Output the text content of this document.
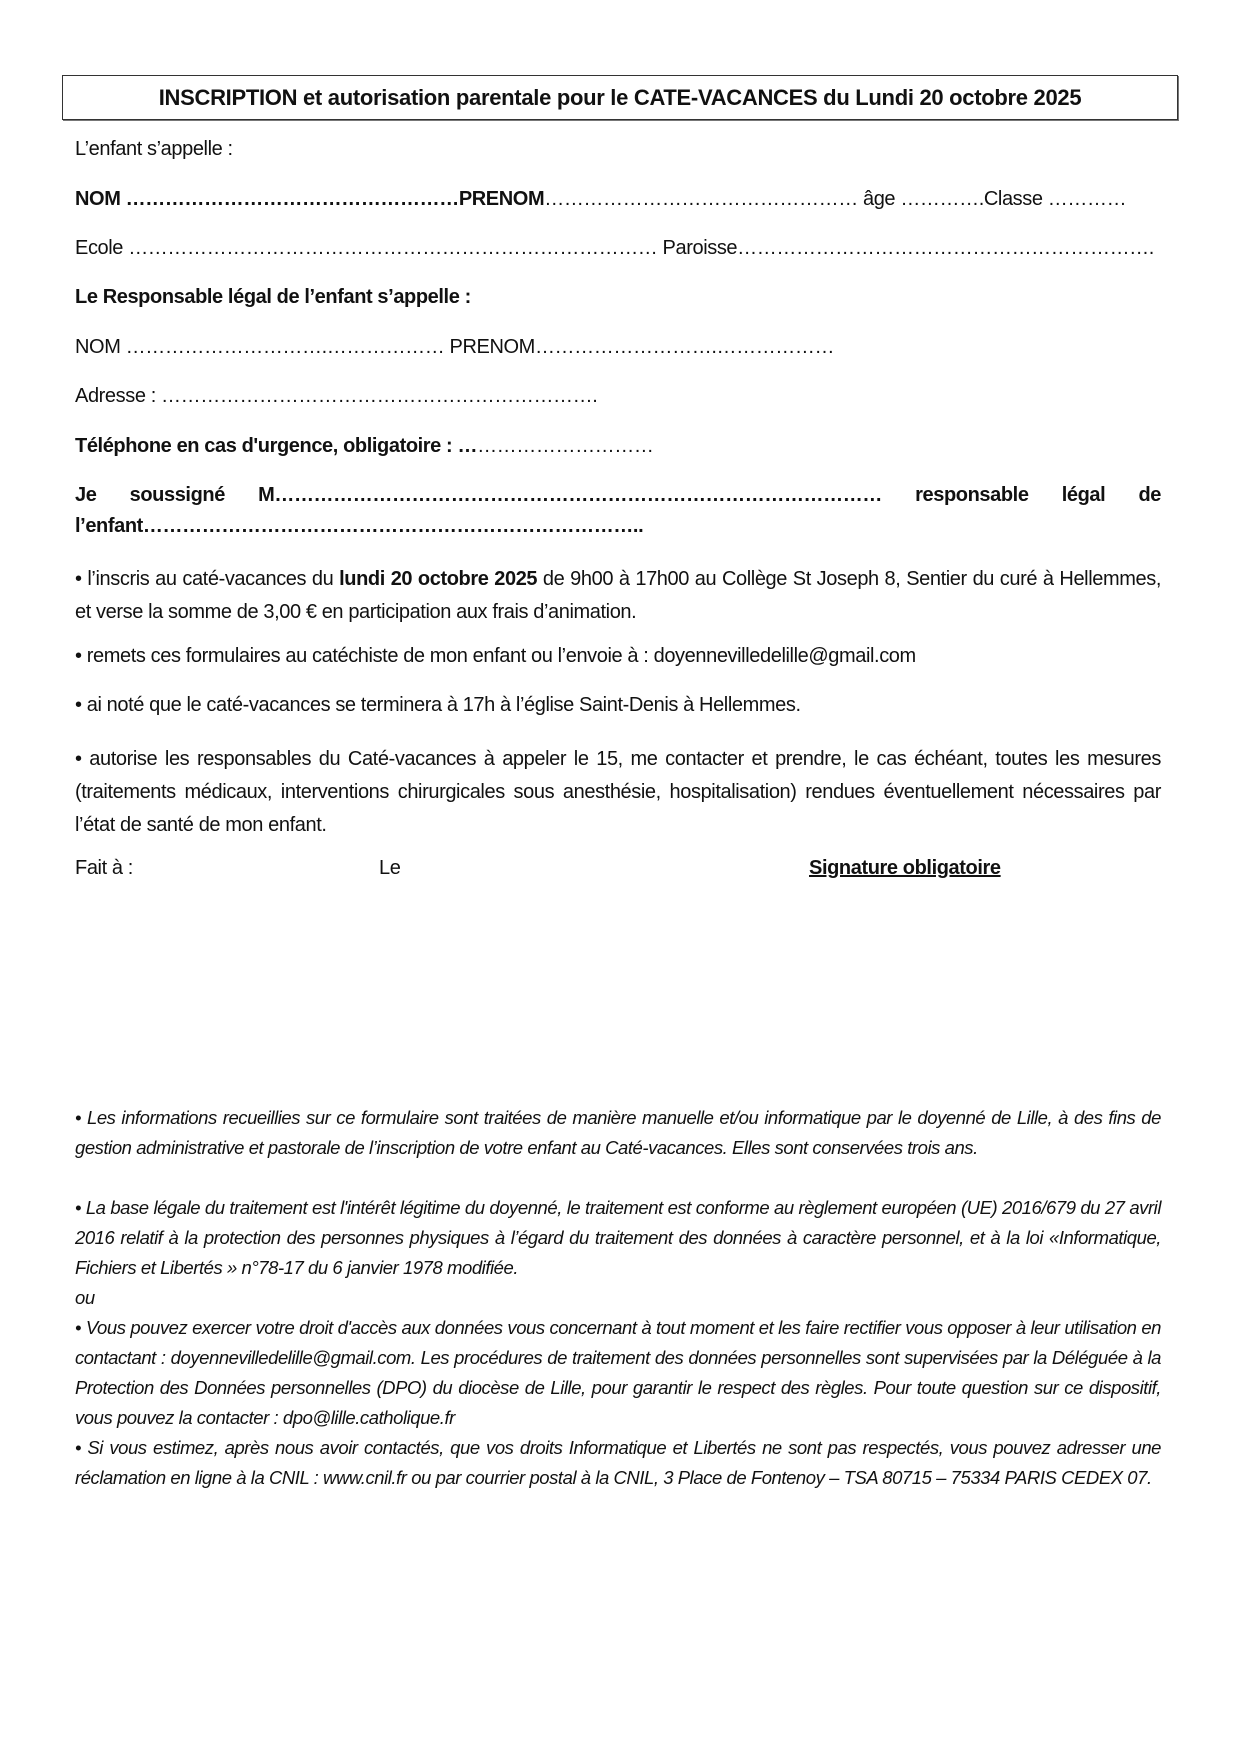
INSCRIPTION et autorisation parentale pour le CATE-VACANCES du Lundi 20 octobre 2025
L’enfant s’appelle :
NOM ……………………………………………PRENOM………………………………………… âge ………….Classe …………
Ecole ……………………………………………………………………… Paroisse……………………………………………………….
Le Responsable légal de l’enfant s’appelle :
NOM ………………………….……………… PRENOM……………………….………………
Adresse : ………………………………………………………….
Téléphone en cas d'urgence, obligatoire : …………………………
Je soussigné M………………………………………………………………………………… responsable légal de
l’enfant…………………………………………………………………..
• l’inscris au caté-vacances du lundi 20 octobre 2025 de 9h00 à 17h00 au Collège St Joseph 8, Sentier du curé à Hellemmes, et verse la somme de 3,00 € en participation aux frais d’animation.
• remets ces formulaires au catéchiste de mon enfant ou l’envoie à : doyennevilledelille@gmail.com
• ai noté que le caté-vacances se terminera à 17h à l’église Saint-Denis à Hellemmes.
• autorise les responsables du Caté-vacances à appeler le 15, me contacter et prendre, le cas échéant, toutes les mesures (traitements médicaux, interventions chirurgicales sous anesthésie, hospitalisation) rendues éventuellement nécessaires par l’état de santé de mon enfant.
Fait à :	Le	Signature obligatoire
• Les informations recueillies sur ce formulaire sont traitées de manière manuelle et/ou informatique par le doyenné de Lille, à des fins de gestion administrative et pastorale de l’inscription de votre enfant au Caté-vacances. Elles sont conservées trois ans.
• La base légale du traitement est l'intérêt légitime du doyenné, le traitement est conforme au règlement européen (UE) 2016/679 du 27 avril 2016 relatif à la protection des personnes physiques à l’égard du traitement des données à caractère personnel, et à la loi «Informatique, Fichiers et Libertés » n°78-17 du 6 janvier 1978 modifiée.
ou
• Vous pouvez exercer votre droit d'accès aux données vous concernant à tout moment et les faire rectifier vous opposer à leur utilisation en contactant : doyennevilledelille@gmail.com. Les procédures de traitement des données personnelles sont supervisées par la Déléguée à la Protection des Données personnelles (DPO) du diocèse de Lille, pour garantir le respect des règles. Pour toute question sur ce dispositif, vous pouvez la contacter : dpo@lille.catholique.fr
• Si vous estimez, après nous avoir contactés, que vos droits Informatique et Libertés ne sont pas respectés, vous pouvez adresser une réclamation en ligne à la CNIL : www.cnil.fr ou par courrier postal à la CNIL, 3 Place de Fontenoy – TSA 80715 – 75334 PARIS CEDEX 07.
